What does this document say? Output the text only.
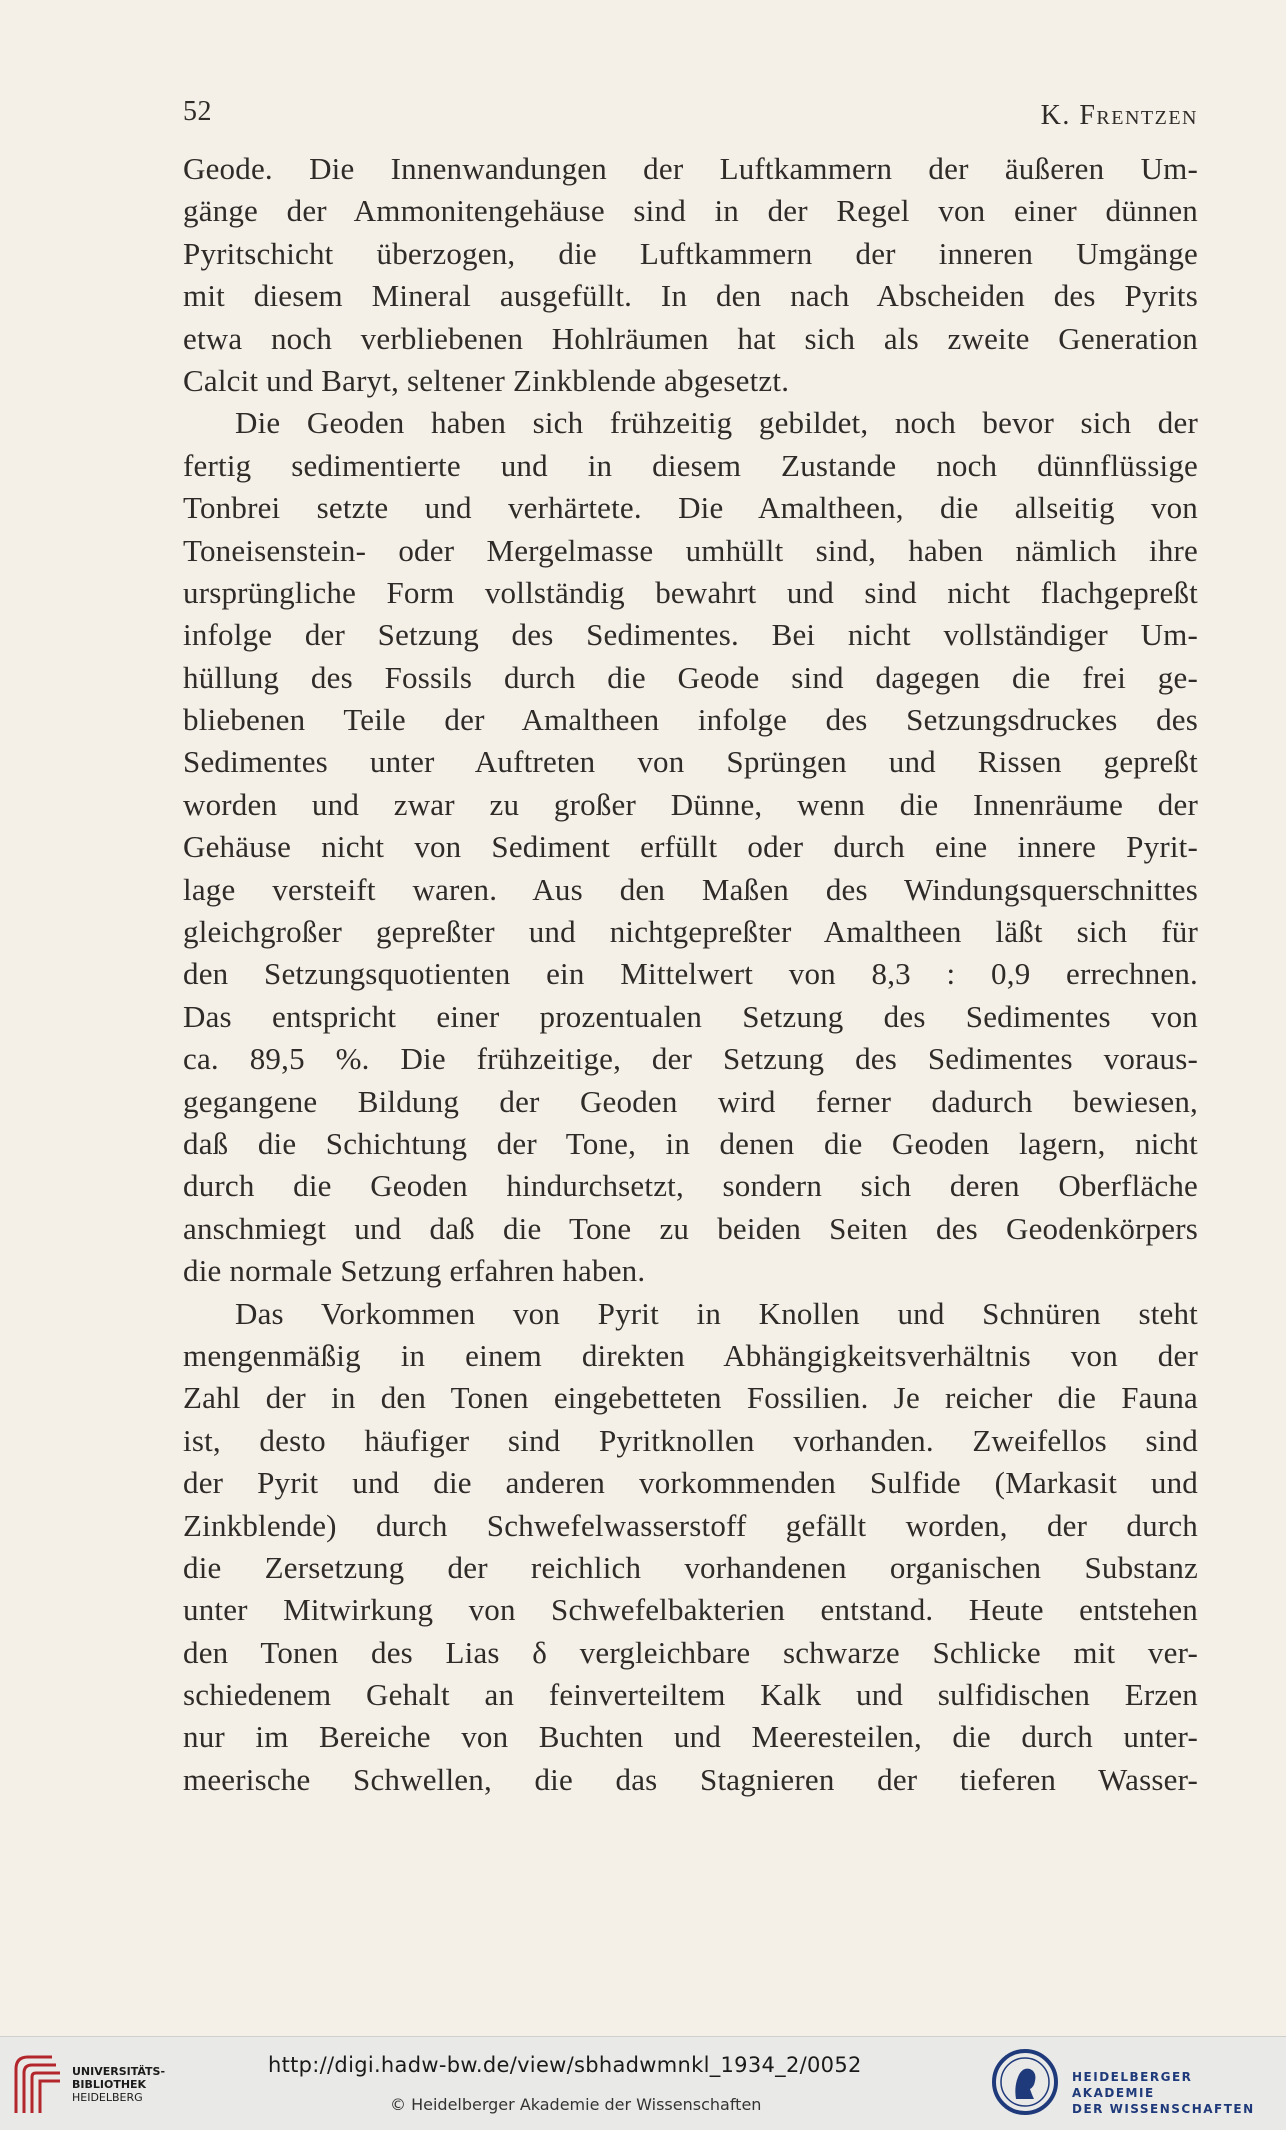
52	K. Frentzen
Geode. Die Innenwandungen der Luftkammern der äußeren Um-
gänge der Ammonitengehäuse sind in der Regel von einer dünnen
Pyritschicht überzogen, die Luftkammern der inneren Umgänge
mit diesem Mineral ausgefüllt. In den nach Abscheiden des Pyrits
etwa noch verbliebenen Hohlräumen hat sich als zweite Generation
Calcit und Baryt, seltener Zinkblende abgesetzt.
Die Geoden haben sich frühzeitig gebildet, noch bevor sich der
fertig sedimentierte und in diesem Zustande noch dünnflüssige
Tonbrei setzte und verhärtete. Die Amaltheen, die allseitig von
Toneisenstein- oder Mergelmasse umhüllt sind, haben nämlich ihre
ursprüngliche Form vollständig bewahrt und sind nicht flachgepreßt
infolge der Setzung des Sedimentes. Bei nicht vollständiger Um-
hüllung des Fossils durch die Geode sind dagegen die frei ge-
bliebenen Teile der Amaltheen infolge des Setzungsdruckes des
Sedimentes unter Auftreten von Sprüngen und Rissen gepreßt
worden und zwar zu großer Dünne, wenn die Innenräume der
Gehäuse nicht von Sediment erfüllt oder durch eine innere Pyrit-
lage versteift waren. Aus den Maßen des Windungsquerschnittes
gleichgroßer gepreßter und nichtgepreßter Amaltheen läßt sich für
den Setzungsquotienten ein Mittelwert von 8,3 : 0,9 errechnen.
Das entspricht einer prozentualen Setzung des Sedimentes von
ca. 89,5 %. Die frühzeitige, der Setzung des Sedimentes voraus-
gegangene Bildung der Geoden wird ferner dadurch bewiesen,
daß die Schichtung der Tone, in denen die Geoden lagern, nicht
durch die Geoden hindurchsetzt, sondern sich deren Oberfläche
anschmiegt und daß die Tone zu beiden Seiten des Geodenkörpers
die normale Setzung erfahren haben.
Das Vorkommen von Pyrit in Knollen und Schnüren steht
mengenmäßig in einem direkten Abhängigkeitsverhältnis von der
Zahl der in den Tonen eingebetteten Fossilien. Je reicher die Fauna
ist, desto häufiger sind Pyritknollen vorhanden. Zweifellos sind
der Pyrit und die anderen vorkommenden Sulfide (Markasit und
Zinkblende) durch Schwefelwasserstoff gefällt worden, der durch
die Zersetzung der reichlich vorhandenen organischen Substanz
unter Mitwirkung von Schwefelbakterien entstand. Heute entstehen
den Tonen des Lias δ vergleichbare schwarze Schlicke mit ver-
schiedenem Gehalt an feinverteiltem Kalk und sulfidischen Erzen
nur im Bereiche von Buchten und Meeresteilen, die durch unter-
meerische Schwellen, die das Stagnieren der tieferen Wasser-
UNIVERSITÄTS-
BIBLIOTHEK
HEIDELBERG
http://digi.hadw-bw.de/view/sbhadwmnkl_1934_2/0052
© Heidelberger Akademie der Wissenschaften
HEIDELBERGER AKADEMIE
DER WISSENSCHAFTEN
